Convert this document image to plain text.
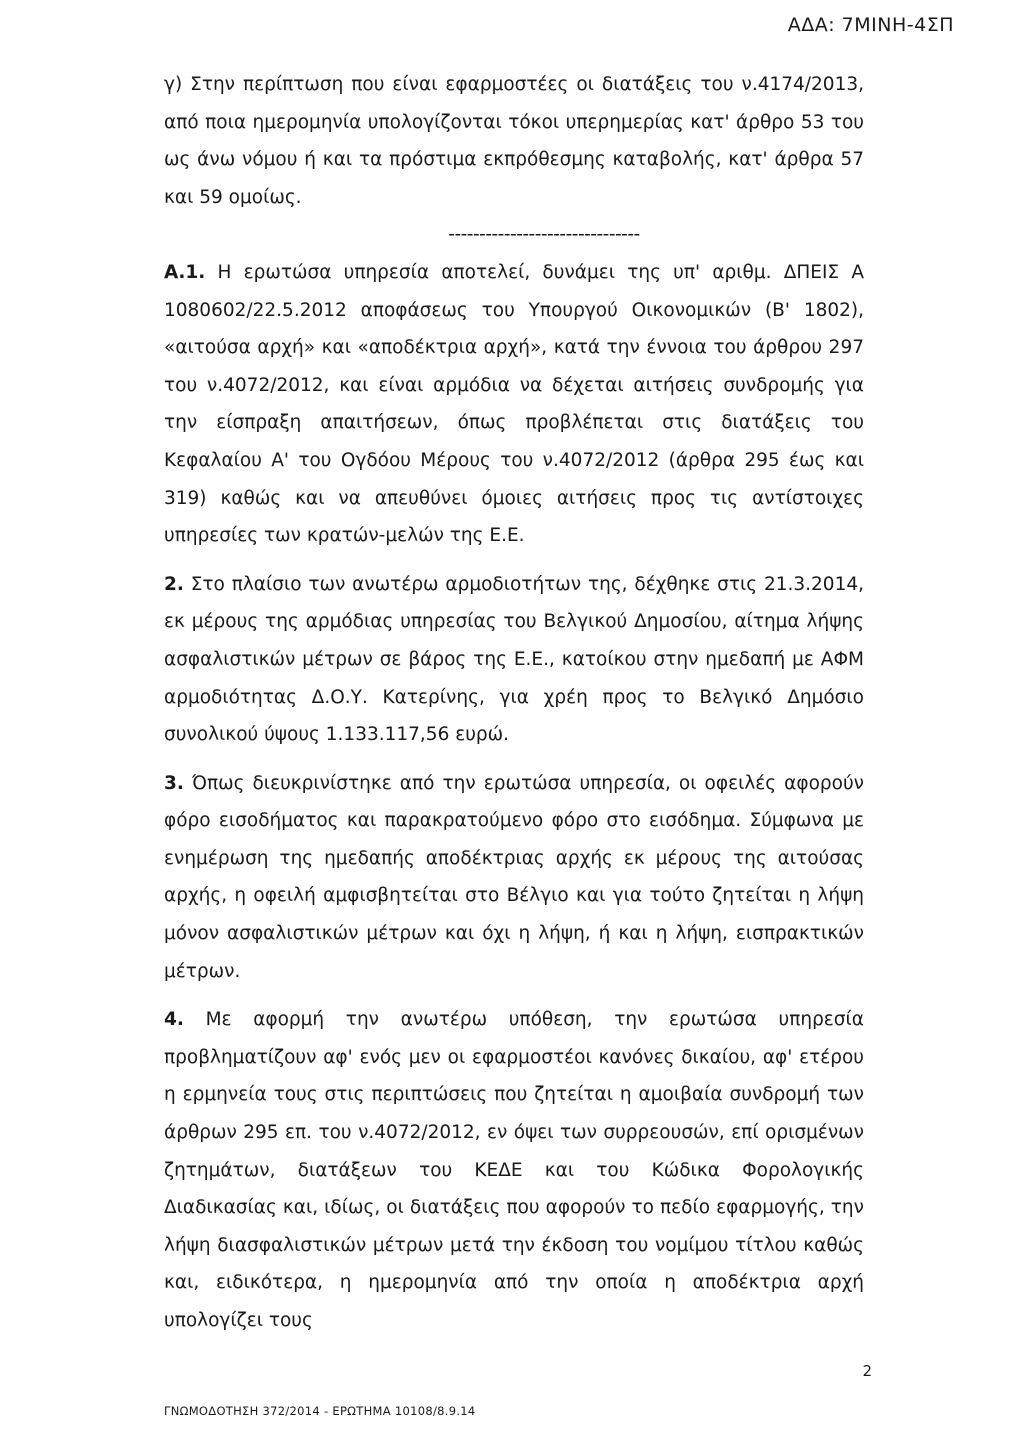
ΑΔΑ: 7ΜΙΝΗ-4ΣΠ

γ) Στην περίπτωση που είναι εφαρμοστέες οι διατάξεις του ν.4174/2013, από ποια ημερομηνία υπολογίζονται τόκοι υπερημερίας κατ' άρθρο 53 του ως άνω νόμου ή και τα πρόστιμα εκπρόθεσμης καταβολής, κατ' άρθρα 57 και 59 ομοίως.

-------------------------------

Α.1. Η ερωτώσα υπηρεσία αποτελεί, δυνάμει της υπ' αριθμ. ΔΠΕΙΣ Α 1080602/22.5.2012 αποφάσεως του Υπουργού Οικονομικών (Β' 1802), «αιτούσα αρχή» και «αποδέκτρια αρχή», κατά την έννοια του άρθρου 297 του ν.4072/2012, και είναι αρμόδια να δέχεται αιτήσεις συνδρομής για την είσπραξη απαιτήσεων, όπως προβλέπεται στις διατάξεις του Κεφαλαίου Α' του Ογδόου Μέρους του ν.4072/2012 (άρθρα 295 έως και 319) καθώς και να απευθύνει όμοιες αιτήσεις προς τις αντίστοιχες υπηρεσίες των κρατών-μελών της Ε.Ε.

2. Στο πλαίσιο των ανωτέρω αρμοδιοτήτων της, δέχθηκε στις 21.3.2014, εκ μέρους της αρμόδιας υπηρεσίας του Βελγικού Δημοσίου, αίτημα λήψης ασφαλιστικών μέτρων σε βάρος της Ε.Ε., κατοίκου στην ημεδαπή με ΑΦΜ αρμοδιότητας Δ.Ο.Υ. Κατερίνης, για χρέη προς το Βελγικό Δημόσιο συνολικού ύψους 1.133.117,56 ευρώ.

3. Όπως διευκρινίστηκε από την ερωτώσα υπηρεσία, οι οφειλές αφορούν φόρο εισοδήματος και παρακρατούμενο φόρο στο εισόδημα. Σύμφωνα με ενημέρωση της ημεδαπής αποδέκτριας αρχής εκ μέρους της αιτούσας αρχής, η οφειλή αμφισβητείται στο Βέλγιο και για τούτο ζητείται η λήψη μόνον ασφαλιστικών μέτρων και όχι η λήψη, ή και η λήψη, εισπρακτικών μέτρων.

4. Με αφορμή την ανωτέρω υπόθεση, την ερωτώσα υπηρεσία προβληματίζουν αφ' ενός μεν οι εφαρμοστέοι κανόνες δικαίου, αφ' ετέρου η ερμηνεία τους στις περιπτώσεις που ζητείται η αμοιβαία συνδρομή των άρθρων 295 επ. του ν.4072/2012, εν όψει των συρρεουσών, επί ορισμένων ζητημάτων, διατάξεων του ΚΕΔΕ και του Κώδικα Φορολογικής Διαδικασίας και, ιδίως, οι διατάξεις που αφορούν το πεδίο εφαρμογής, την λήψη διασφαλιστικών μέτρων μετά την έκδοση του νομίμου τίτλου καθώς και, ειδικότερα, η ημερομηνία από την οποία η αποδέκτρια αρχή υπολογίζει τους

2
ΓΝΩΜΟΔΟΤΗΣΗ 372/2014 - ΕΡΩΤΗΜΑ 10108/8.9.14
